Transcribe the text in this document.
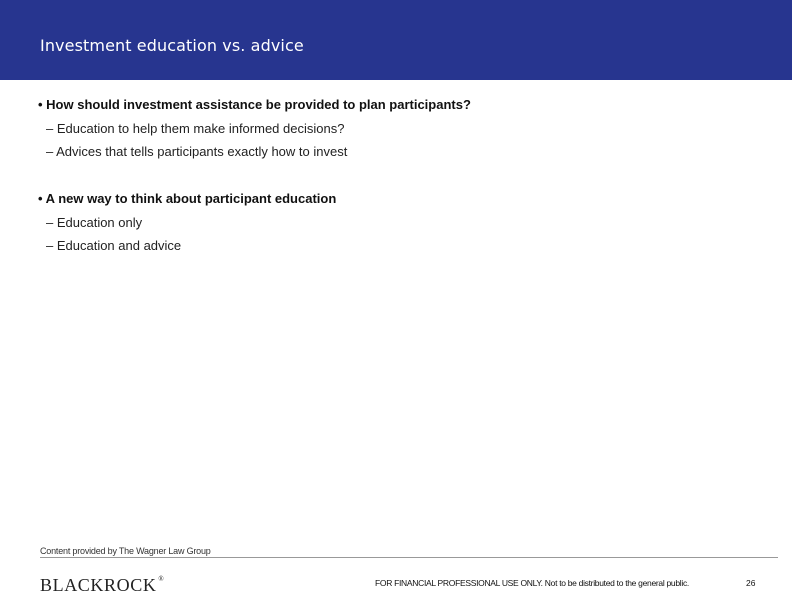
Investment education vs. advice
• How should investment assistance be provided to plan participants?
– Education to help them make informed decisions?
– Advices that tells participants exactly how to invest
• A new way to think about participant education
– Education only
– Education and advice
Content provided by The Wagner Law Group
BLACKROCK ®	FOR FINANCIAL PROFESSIONAL USE ONLY. Not to be distributed to the general public.	26
